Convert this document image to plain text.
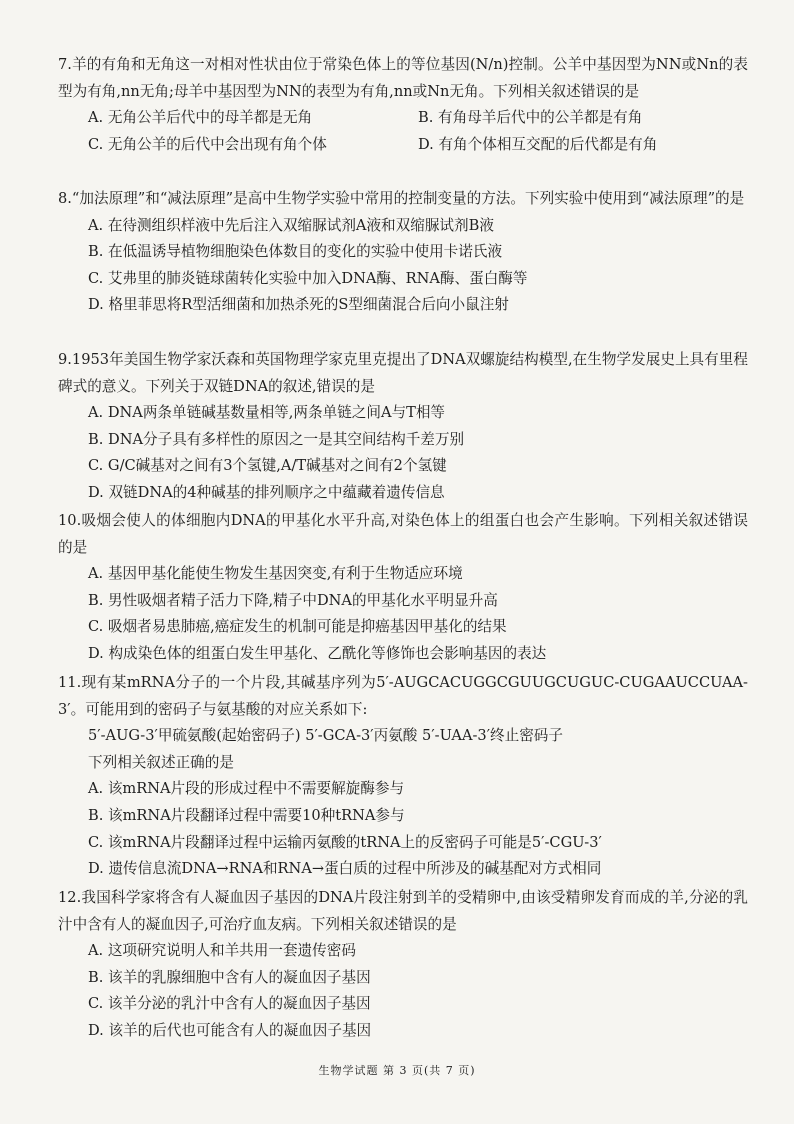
7.羊的有角和无角这一对相对性状由位于常染色体上的等位基因(N/n)控制。公羊中基因型为NN或Nn的表型为有角,nn无角;母羊中基因型为NN的表型为有角,nn或Nn无角。下列相关叙述错误的是
A. 无角公羊后代中的母羊都是无角	B. 有角母羊后代中的公羊都是有角
C. 无角公羊的后代中会出现有角个体	D. 有角个体相互交配的后代都是有角
8.“加法原理”和“减法原理”是高中生物学实验中常用的控制变量的方法。下列实验中使用到“减法原理”的是
A. 在待测组织样液中先后注入双缩脲试剂A液和双缩脲试剂B液
B. 在低温诱导植物细胞染色体数目的变化的实验中使用卡诺氏液
C. 艾弗里的肺炎链球菌转化实验中加入DNA酶、RNA酶、蛋白酶等
D. 格里菲思将R型活细菌和加热杀死的S型细菌混合后向小鼠注射
9.1953年美国生物学家沃森和英国物理学家克里克提出了DNA双螺旋结构模型,在生物学发展史上具有里程碑式的意义。下列关于双链DNA的叙述,错误的是
A. DNA两条单链碱基数量相等,两条单链之间A与T相等
B. DNA分子具有多样性的原因之一是其空间结构千差万别
C. G/C碱基对之间有3个氢键,A/T碱基对之间有2个氢键
D. 双链DNA的4种碱基的排列顺序之中蕴藏着遗传信息
10.吸烟会使人的体细胞内DNA的甲基化水平升高,对染色体上的组蛋白也会产生影响。下列相关叙述错误的是
A. 基因甲基化能使生物发生基因突变,有利于生物适应环境
B. 男性吸烟者精子活力下降,精子中DNA的甲基化水平明显升高
C. 吸烟者易患肺癌,癌症发生的机制可能是抑癌基因甲基化的结果
D. 构成染色体的组蛋白发生甲基化、乙酰化等修饰也会影响基因的表达
11.现有某mRNA分子的一个片段,其碱基序列为5′-AUGCACUGGCGUUGCUGUC-CUGAAUCCUAA-3′。可能用到的密码子与氨基酸的对应关系如下:
5′-AUG-3′甲硫氨酸(起始密码子) 5′-GCA-3′丙氨酸 5′-UAA-3′终止密码子
下列相关叙述正确的是
A. 该mRNA片段的形成过程中不需要解旋酶参与
B. 该mRNA片段翻译过程中需要10种tRNA参与
C. 该mRNA片段翻译过程中运输丙氨酸的tRNA上的反密码子可能是5′-CGU-3′
D. 遗传信息流DNA→RNA和RNA→蛋白质的过程中所涉及的碱基配对方式相同
12.我国科学家将含有人凝血因子基因的DNA片段注射到羊的受精卵中,由该受精卵发育而成的羊,分泌的乳汁中含有人的凝血因子,可治疗血友病。下列相关叙述错误的是
A. 这项研究说明人和羊共用一套遗传密码
B. 该羊的乳腺细胞中含有人的凝血因子基因
C. 该羊分泌的乳汁中含有人的凝血因子基因
D. 该羊的后代也可能含有人的凝血因子基因
生物学试题 第 3 页(共 7 页)
